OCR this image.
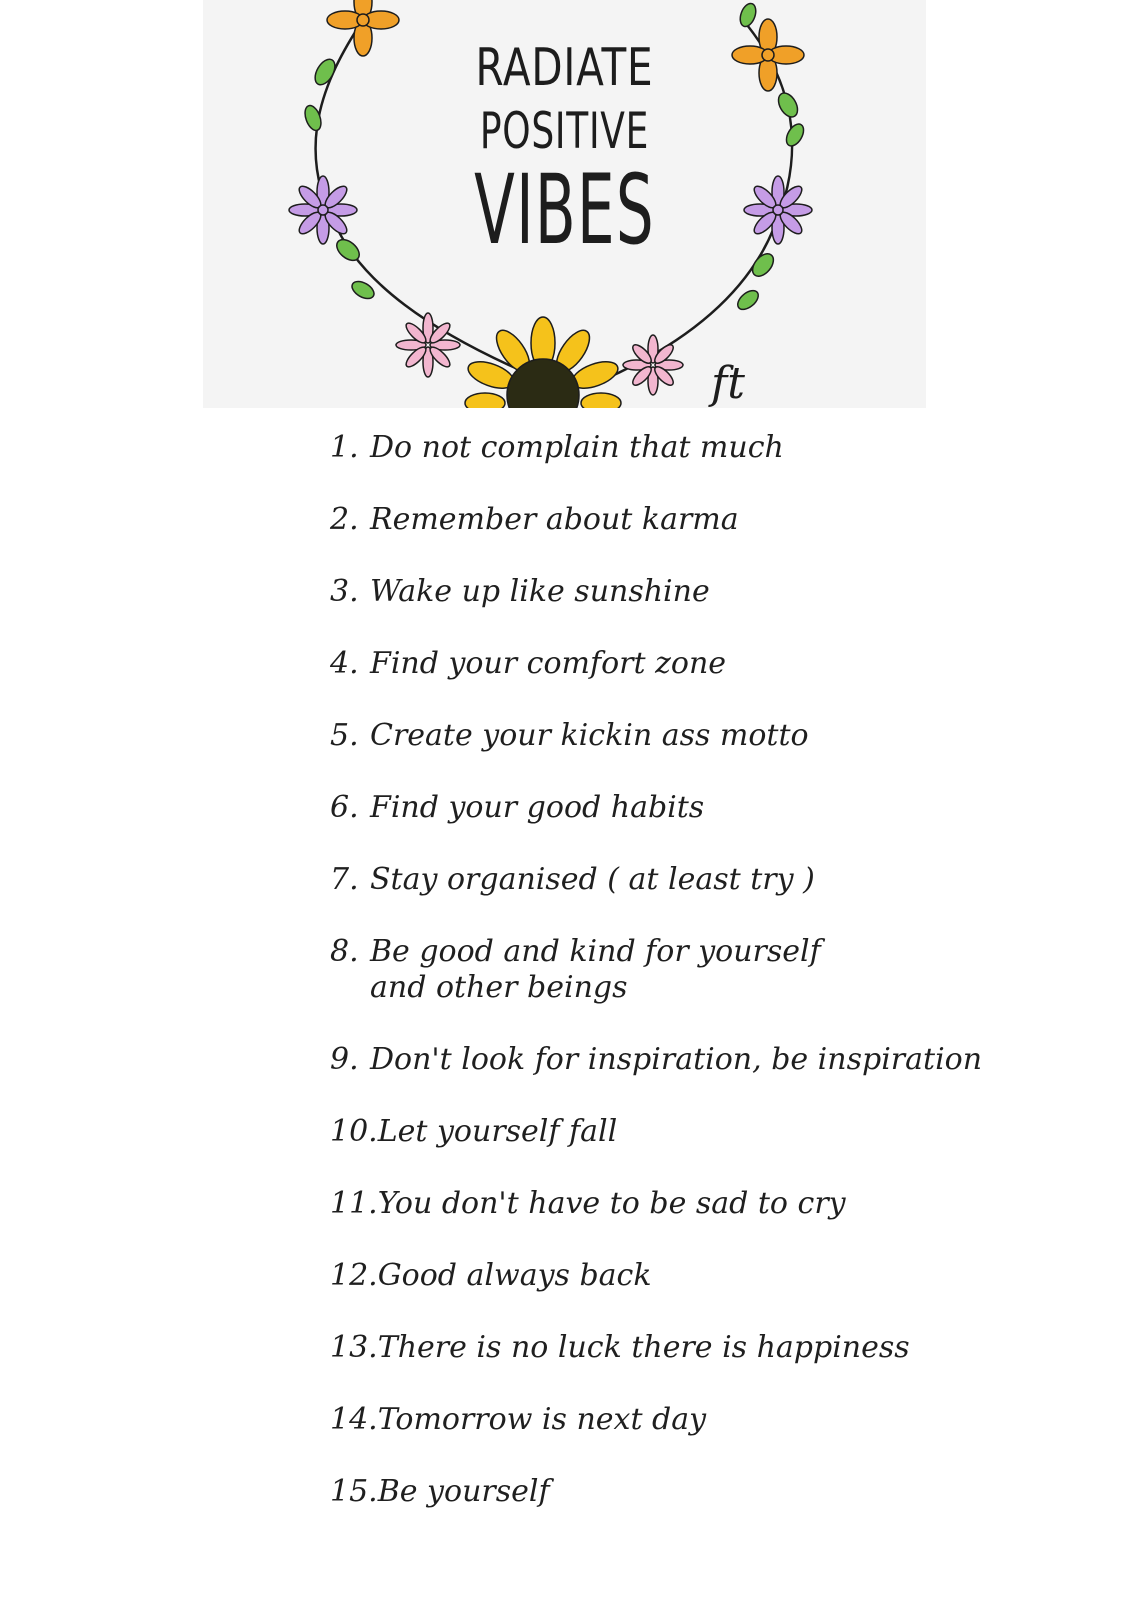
ft
RADIATE
POSITIVE
VIBES
1. Do not complain that much
2. Remember about karma
3. Wake up like sunshine
4. Find your comfort zone
5. Create your kickin ass motto
6. Find your good habits
7. Stay organised ( at least try )
8. Be good and kind for yourself
and other beings
9. Don't look for inspiration, be inspiration
10.Let yourself fall
11.You don't have to be sad to cry
12.Good always back
13.There is no luck there is happiness
14.Tomorrow is next day
15.Be yourself
